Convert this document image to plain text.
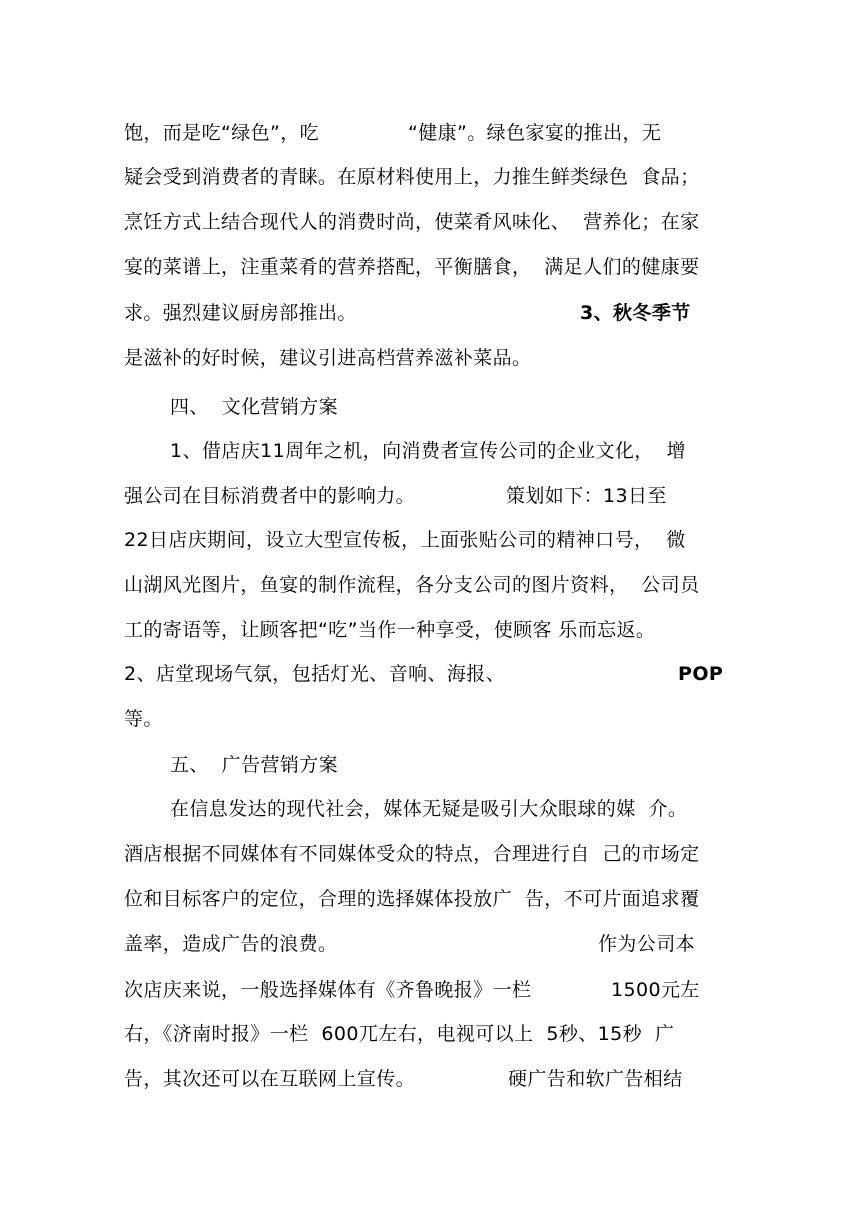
饱，而是吃“绿色”，吃

	“健康”。绿色家宴的推出，无

疑会受到消费者的青睐。在原材料使用上，力推生鲜类绿色  食品；

烹饪方式上结合现代人的消费时尚，使菜肴风味化、  营养化；在家

宴的菜谱上，注重菜肴的营养搭配，平衡膳食，  满足人们的健康要

求。强烈建议厨房部推出。

	3、秋冬季节

是滋补的好时候，建议引进高档营养滋补菜品。

四、  文化营销方案

1、借店庆11周年之机，向消费者宣传公司的企业文化，  增

强公司在目标消费者中的影响力。

	策划如下：13日至

22日店庆期间，设立大型宣传板，上面张贴公司的精神口号，  微

山湖风光图片，鱼宴的制作流程，各分支公司的图片资料，  公司员

工的寄语等，让顾客把“吃”当作一种享受，使顾客 乐而忘返。

2、店堂现场气氛，包括灯光、音响、海报、

	POP

等。

五、  广告营销方案

在信息发达的现代社会，媒体无疑是吸引大众眼球的媒  介。

酒店根据不同媒体有不同媒体受众的特点，合理进行自  己的市场定

位和目标客户的定位，合理的选择媒体投放广  告，不可片面追求覆

盖率，造成广告的浪费。

	作为公司本

次店庆来说，一般选择媒体有《齐鲁晚报》一栏

	1500元左

右，《济南时报》一栏  600兀左右，电视可以上  5秒、15秒  广

告，其次还可以在互联网上宣传。

	硬广告和软广告相结
